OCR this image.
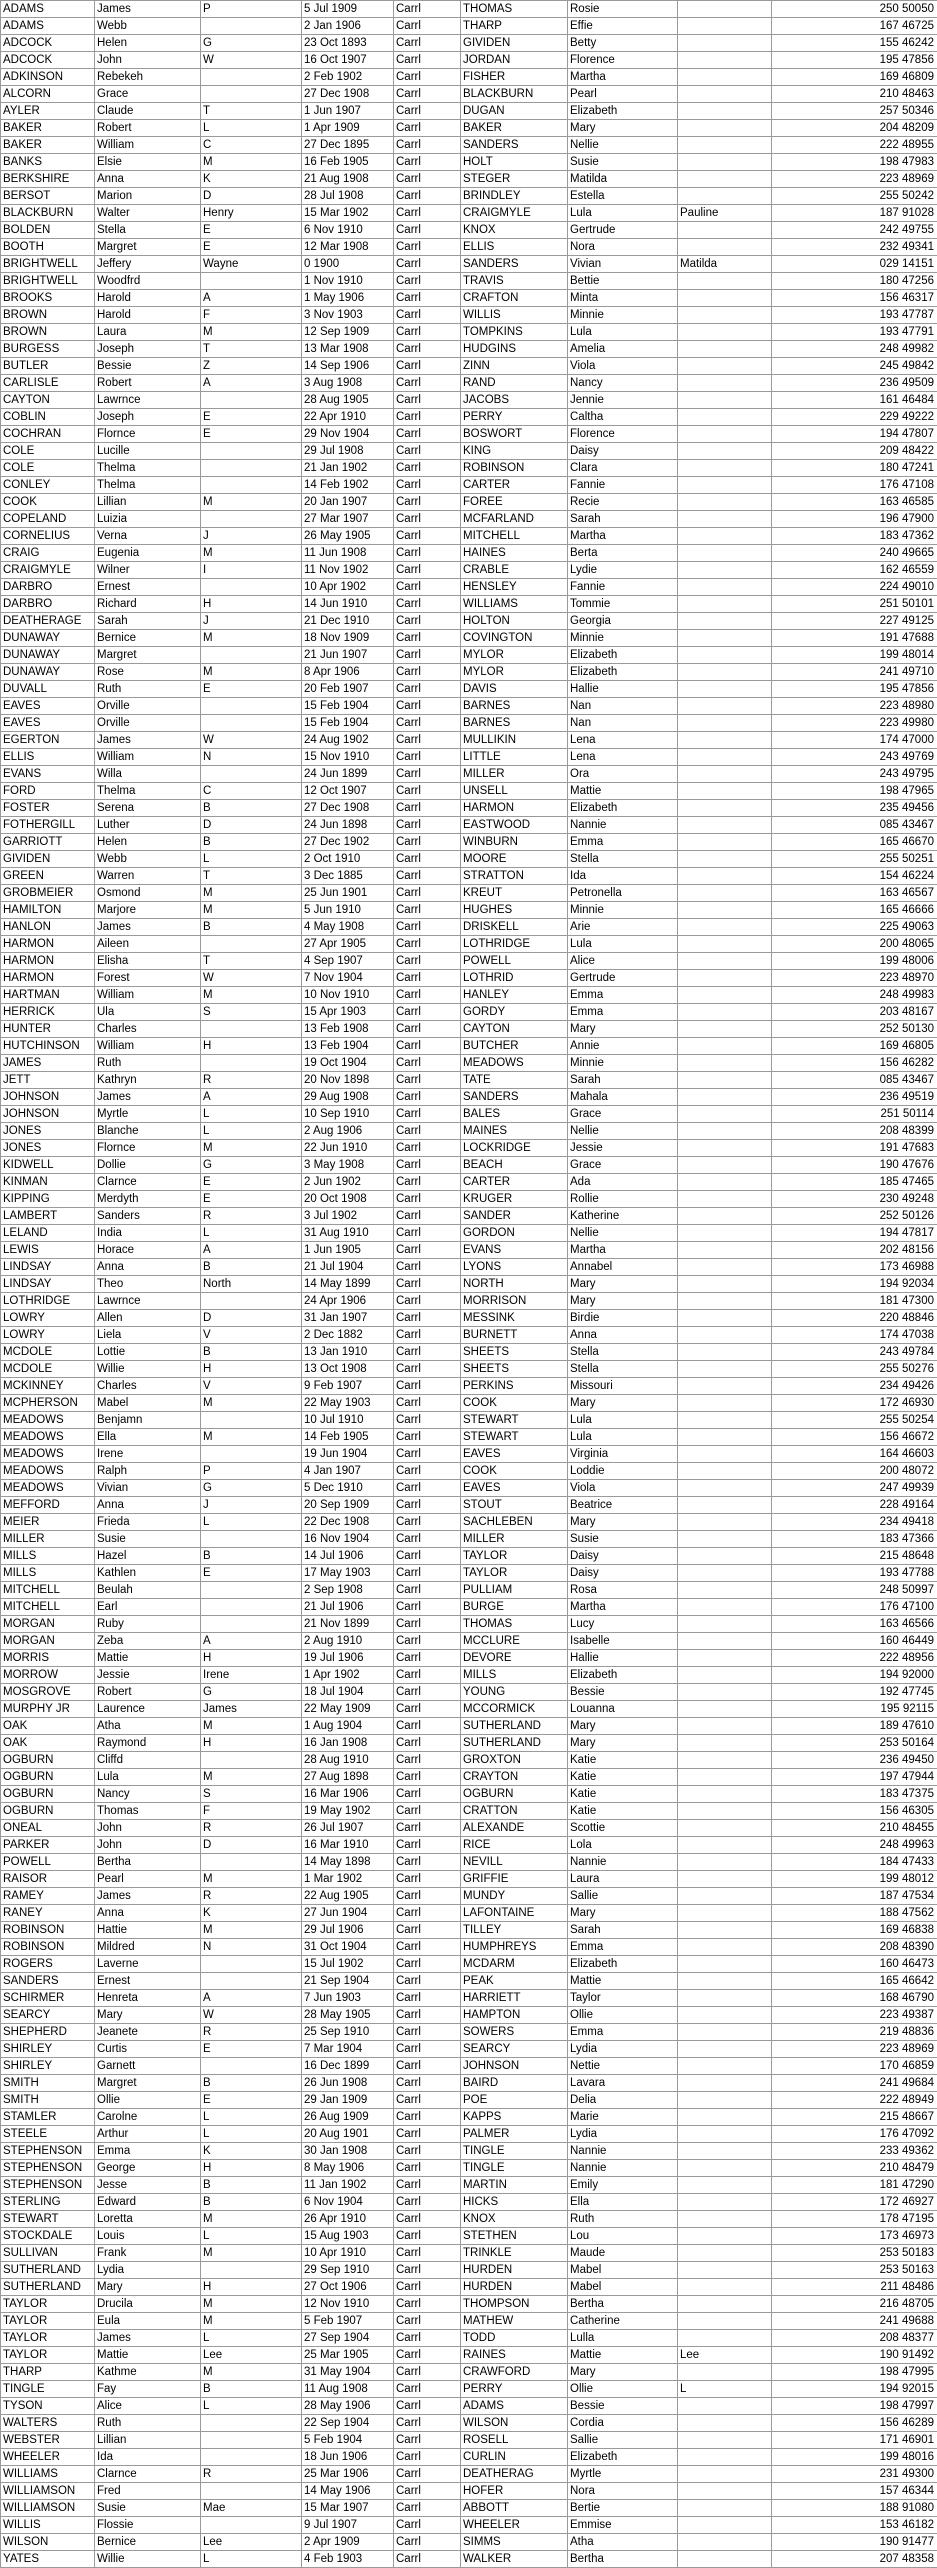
ADAMS	James	P	5 Jul 1909	Carrl	THOMAS	Rosie		250 50050
ADAMS	Webb		2 Jan 1906	Carrl	THARP	Effie		167 46725
ADCOCK	Helen	G	23 Oct 1893	Carrl	GIVIDEN	Betty		155 46242
ADCOCK	John	W	16 Oct 1907	Carrl	JORDAN	Florence		195 47856
ADKINSON	Rebekeh		2 Feb 1902	Carrl	FISHER	Martha		169 46809
ALCORN	Grace		27 Dec 1908	Carrl	BLACKBURN	Pearl		210 48463
AYLER	Claude	T	1 Jun 1907	Carrl	DUGAN	Elizabeth		257 50346
BAKER	Robert	L	1 Apr 1909	Carrl	BAKER	Mary		204 48209
BAKER	William	C	27 Dec 1895	Carrl	SANDERS	Nellie		222 48955
BANKS	Elsie	M	16 Feb 1905	Carrl	HOLT	Susie		198 47983
BERKSHIRE	Anna	K	21 Aug 1908	Carrl	STEGER	Matilda		223 48969
BERSOT	Marion	D	28 Jul 1908	Carrl	BRINDLEY	Estella		255 50242
BLACKBURN	Walter	Henry	15 Mar 1902	Carrl	CRAIGMYLE	Lula	Pauline	187 91028
BOLDEN	Stella	E	6 Nov 1910	Carrl	KNOX	Gertrude		242 49755
BOOTH	Margret	E	12 Mar 1908	Carrl	ELLIS	Nora		232 49341
BRIGHTWELL	Jeffery	Wayne	0 1900	Carrl	SANDERS	Vivian	Matilda	029 14151
BRIGHTWELL	Woodfrd		1 Nov 1910	Carrl	TRAVIS	Bettie		180 47256
BROOKS	Harold	A	1 May 1906	Carrl	CRAFTON	Minta		156 46317
BROWN	Harold	F	3 Nov 1903	Carrl	WILLIS	Minnie		193 47787
BROWN	Laura	M	12 Sep 1909	Carrl	TOMPKINS	Lula		193 47791
BURGESS	Joseph	T	13 Mar 1908	Carrl	HUDGINS	Amelia		248 49982
BUTLER	Bessie	Z	14 Sep 1906	Carrl	ZINN	Viola		245 49842
CARLISLE	Robert	A	3 Aug 1908	Carrl	RAND	Nancy		236 49509
CAYTON	Lawrnce		28 Aug 1905	Carrl	JACOBS	Jennie		161 46484
COBLIN	Joseph	E	22 Apr 1910	Carrl	PERRY	Caltha		229 49222
COCHRAN	Flornce	E	29 Nov 1904	Carrl	BOSWORT	Florence		194 47807
COLE	Lucille		29 Jul 1908	Carrl	KING	Daisy		209 48422
COLE	Thelma		21 Jan 1902	Carrl	ROBINSON	Clara		180 47241
CONLEY	Thelma		14 Feb 1902	Carrl	CARTER	Fannie		176 47108
COOK	Lillian	M	20 Jan 1907	Carrl	FOREE	Recie		163 46585
COPELAND	Luizia		27 Mar 1907	Carrl	MCFARLAND	Sarah		196 47900
CORNELIUS	Verna	J	26 May 1905	Carrl	MITCHELL	Martha		183 47362
CRAIG	Eugenia	M	11 Jun 1908	Carrl	HAINES	Berta		240 49665
CRAIGMYLE	Wilner	I	11 Nov 1902	Carrl	CRABLE	Lydie		162 46559
DARBRO	Ernest		10 Apr 1902	Carrl	HENSLEY	Fannie		224 49010
DARBRO	Richard	H	14 Jun 1910	Carrl	WILLIAMS	Tommie		251 50101
DEATHERAGE	Sarah	J	21 Dec 1910	Carrl	HOLTON	Georgia		227 49125
DUNAWAY	Bernice	M	18 Nov 1909	Carrl	COVINGTON	Minnie		191 47688
DUNAWAY	Margret		21 Jun 1907	Carrl	MYLOR	Elizabeth		199 48014
DUNAWAY	Rose	M	8 Apr 1906	Carrl	MYLOR	Elizabeth		241 49710
DUVALL	Ruth	E	20 Feb 1907	Carrl	DAVIS	Hallie		195 47856
EAVES	Orville		15 Feb 1904	Carrl	BARNES	Nan		223 48980
EAVES	Orville		15 Feb 1904	Carrl	BARNES	Nan		223 49980
EGERTON	James	W	24 Aug 1902	Carrl	MULLIKIN	Lena		174 47000
ELLIS	William	N	15 Nov 1910	Carrl	LITTLE	Lena		243 49769
EVANS	Willa		24 Jun 1899	Carrl	MILLER	Ora		243 49795
FORD	Thelma	C	12 Oct 1907	Carrl	UNSELL	Mattie		198 47965
FOSTER	Serena	B	27 Dec 1908	Carrl	HARMON	Elizabeth		235 49456
FOTHERGILL	Luther	D	24 Jun 1898	Carrl	EASTWOOD	Nannie		085 43467
GARRIOTT	Helen	B	27 Dec 1902	Carrl	WINBURN	Emma		165 46670
GIVIDEN	Webb	L	2 Oct 1910	Carrl	MOORE	Stella		255 50251
GREEN	Warren	T	3 Dec 1885	Carrl	STRATTON	Ida		154 46224
GROBMEIER	Osmond	M	25 Jun 1901	Carrl	KREUT	Petronella		163 46567
HAMILTON	Marjore	M	5 Jun 1910	Carrl	HUGHES	Minnie		165 46666
HANLON	James	B	4 May 1908	Carrl	DRISKELL	Arie		225 49063
HARMON	Aileen		27 Apr 1905	Carrl	LOTHRIDGE	Lula		200 48065
HARMON	Elisha	T	4 Sep 1907	Carrl	POWELL	Alice		199 48006
HARMON	Forest	W	7 Nov 1904	Carrl	LOTHRID	Gertrude		223 48970
HARTMAN	William	M	10 Nov 1910	Carrl	HANLEY	Emma		248 49983
HERRICK	Ula	S	15 Apr 1903	Carrl	GORDY	Emma		203 48167
HUNTER	Charles		13 Feb 1908	Carrl	CAYTON	Mary		252 50130
HUTCHINSON	William	H	13 Feb 1904	Carrl	BUTCHER	Annie		169 46805
JAMES	Ruth		19 Oct 1904	Carrl	MEADOWS	Minnie		156 46282
JETT	Kathryn	R	20 Nov 1898	Carrl	TATE	Sarah		085 43467
JOHNSON	James	A	29 Aug 1908	Carrl	SANDERS	Mahala		236 49519
JOHNSON	Myrtle	L	10 Sep 1910	Carrl	BALES	Grace		251 50114
JONES	Blanche	L	2 Aug 1906	Carrl	MAINES	Nellie		208 48399
JONES	Flornce	M	22 Jun 1910	Carrl	LOCKRIDGE	Jessie		191 47683
KIDWELL	Dollie	G	3 May 1908	Carrl	BEACH	Grace		190 47676
KINMAN	Clarnce	E	2 Jun 1902	Carrl	CARTER	Ada		185 47465
KIPPING	Merdyth	E	20 Oct 1908	Carrl	KRUGER	Rollie		230 49248
LAMBERT	Sanders	R	3 Jul 1902	Carrl	SANDER	Katherine		252 50126
LELAND	India	L	31 Aug 1910	Carrl	GORDON	Nellie		194 47817
LEWIS	Horace	A	1 Jun 1905	Carrl	EVANS	Martha		202 48156
LINDSAY	Anna	B	21 Jul 1904	Carrl	LYONS	Annabel		173 46988
LINDSAY	Theo	North	14 May 1899	Carrl	NORTH	Mary		194 92034
LOTHRIDGE	Lawrnce		24 Apr 1906	Carrl	MORRISON	Mary		181 47300
LOWRY	Allen	D	31 Jan 1907	Carrl	MESSINK	Birdie		220 48846
LOWRY	Liela	V	2 Dec 1882	Carrl	BURNETT	Anna		174 47038
MCDOLE	Lottie	B	13 Jan 1910	Carrl	SHEETS	Stella		243 49784
MCDOLE	Willie	H	13 Oct 1908	Carrl	SHEETS	Stella		255 50276
MCKINNEY	Charles	V	9 Feb 1907	Carrl	PERKINS	Missouri		234 49426
MCPHERSON	Mabel	M	22 May 1903	Carrl	COOK	Mary		172 46930
MEADOWS	Benjamn		10 Jul 1910	Carrl	STEWART	Lula		255 50254
MEADOWS	Ella	M	14 Feb 1905	Carrl	STEWART	Lula		156 46672
MEADOWS	Irene		19 Jun 1904	Carrl	EAVES	Virginia		164 46603
MEADOWS	Ralph	P	4 Jan 1907	Carrl	COOK	Loddie		200 48072
MEADOWS	Vivian	G	5 Dec 1910	Carrl	EAVES	Viola		247 49939
MEFFORD	Anna	J	20 Sep 1909	Carrl	STOUT	Beatrice		228 49164
MEIER	Frieda	L	22 Dec 1908	Carrl	SACHLEBEN	Mary		234 49418
MILLER	Susie		16 Nov 1904	Carrl	MILLER	Susie		183 47366
MILLS	Hazel	B	14 Jul 1906	Carrl	TAYLOR	Daisy		215 48648
MILLS	Kathlen	E	17 May 1903	Carrl	TAYLOR	Daisy		193 47788
MITCHELL	Beulah		2 Sep 1908	Carrl	PULLIAM	Rosa		248 50997
MITCHELL	Earl		21 Jul 1906	Carrl	BURGE	Martha		176 47100
MORGAN	Ruby		21 Nov 1899	Carrl	THOMAS	Lucy		163 46566
MORGAN	Zeba	A	2 Aug 1910	Carrl	MCCLURE	Isabelle		160 46449
MORRIS	Mattie	H	19 Jul 1906	Carrl	DEVORE	Hallie		222 48956
MORROW	Jessie	Irene	1 Apr 1902	Carrl	MILLS	Elizabeth		194 92000
MOSGROVE	Robert	G	18 Jul 1904	Carrl	YOUNG	Bessie		192 47745
MURPHY JR	Laurence	James	22 May 1909	Carrl	MCCORMICK	Louanna		195 92115
OAK	Atha	M	1 Aug 1904	Carrl	SUTHERLAND	Mary		189 47610
OAK	Raymond	H	16 Jan 1908	Carrl	SUTHERLAND	Mary		253 50164
OGBURN	Cliffd		28 Aug 1910	Carrl	GROXTON	Katie		236 49450
OGBURN	Lula	M	27 Aug 1898	Carrl	CRAYTON	Katie		197 47944
OGBURN	Nancy	S	16 Mar 1906	Carrl	OGBURN	Katie		183 47375
OGBURN	Thomas	F	19 May 1902	Carrl	CRATTON	Katie		156 46305
ONEAL	John	R	26 Jul 1907	Carrl	ALEXANDE	Scottie		210 48455
PARKER	John	D	16 Mar 1910	Carrl	RICE	Lola		248 49963
POWELL	Bertha		14 May 1898	Carrl	NEVILL	Nannie		184 47433
RAISOR	Pearl	M	1 Mar 1902	Carrl	GRIFFIE	Laura		199 48012
RAMEY	James	R	22 Aug 1905	Carrl	MUNDY	Sallie		187 47534
RANEY	Anna	K	27 Jun 1904	Carrl	LAFONTAINE	Mary		188 47562
ROBINSON	Hattie	M	29 Jul 1906	Carrl	TILLEY	Sarah		169 46838
ROBINSON	Mildred	N	31 Oct 1904	Carrl	HUMPHREYS	Emma		208 48390
ROGERS	Laverne		15 Jul 1902	Carrl	MCDARM	Elizabeth		160 46473
SANDERS	Ernest		21 Sep 1904	Carrl	PEAK	Mattie		165 46642
SCHIRMER	Henreta	A	7 Jun 1903	Carrl	HARRIETT	Taylor		168 46790
SEARCY	Mary	W	28 May 1905	Carrl	HAMPTON	Ollie		223 49387
SHEPHERD	Jeanete	R	25 Sep 1910	Carrl	SOWERS	Emma		219 48836
SHIRLEY	Curtis	E	7 Mar 1904	Carrl	SEARCY	Lydia		223 48969
SHIRLEY	Garnett		16 Dec 1899	Carrl	JOHNSON	Nettie		170 46859
SMITH	Margret	B	26 Jun 1908	Carrl	BAIRD	Lavara		241 49684
SMITH	Ollie	E	29 Jan 1909	Carrl	POE	Delia		222 48949
STAMLER	Carolne	L	26 Aug 1909	Carrl	KAPPS	Marie		215 48667
STEELE	Arthur	L	20 Aug 1901	Carrl	PALMER	Lydia		176 47092
STEPHENSON	Emma	K	30 Jan 1908	Carrl	TINGLE	Nannie		233 49362
STEPHENSON	George	H	8 May 1906	Carrl	TINGLE	Nannie		210 48479
STEPHENSON	Jesse	B	11 Jan 1902	Carrl	MARTIN	Emily		181 47290
STERLING	Edward	B	6 Nov 1904	Carrl	HICKS	Ella		172 46927
STEWART	Loretta	M	26 Apr 1910	Carrl	KNOX	Ruth		178 47195
STOCKDALE	Louis	L	15 Aug 1903	Carrl	STETHEN	Lou		173 46973
SULLIVAN	Frank	M	10 Apr 1910	Carrl	TRINKLE	Maude		253 50183
SUTHERLAND	Lydia		29 Sep 1910	Carrl	HURDEN	Mabel		253 50163
SUTHERLAND	Mary	H	27 Oct 1906	Carrl	HURDEN	Mabel		211 48486
TAYLOR	Drucila	M	12 Nov 1910	Carrl	THOMPSON	Bertha		216 48705
TAYLOR	Eula	M	5 Feb 1907	Carrl	MATHEW	Catherine		241 49688
TAYLOR	James	L	27 Sep 1904	Carrl	TODD	Lulla		208 48377
TAYLOR	Mattie	Lee	25 Mar 1905	Carrl	RAINES	Mattie	Lee	190 91492
THARP	Kathme	M	31 May 1904	Carrl	CRAWFORD	Mary		198 47995
TINGLE	Fay	B	11 Aug 1908	Carrl	PERRY	Ollie	L	194 92015
TYSON	Alice	L	28 May 1906	Carrl	ADAMS	Bessie		198 47997
WALTERS	Ruth		22 Sep 1904	Carrl	WILSON	Cordia		156 46289
WEBSTER	Lillian		5 Feb 1904	Carrl	ROSELL	Sallie		171 46901
WHEELER	Ida		18 Jun 1906	Carrl	CURLIN	Elizabeth		199 48016
WILLIAMS	Clarnce	R	25 Mar 1906	Carrl	DEATHERAG	Myrtle		231 49300
WILLIAMSON	Fred		14 May 1906	Carrl	HOFER	Nora		157 46344
WILLIAMSON	Susie	Mae	15 Mar 1907	Carrl	ABBOTT	Bertie		188 91080
WILLIS	Flossie		9 Jul 1907	Carrl	WHEELER	Emmise		153 46182
WILSON	Bernice	Lee	2 Apr 1909	Carrl	SIMMS	Atha		190 91477
YATES	Willie	L	4 Feb 1903	Carrl	WALKER	Bertha		207 48358
